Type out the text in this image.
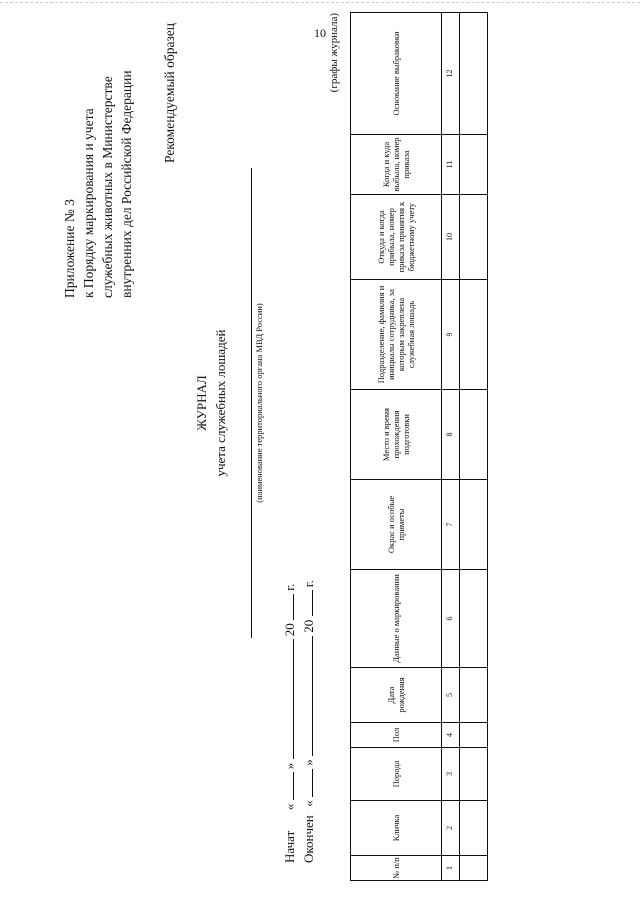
10
Приложение № 3 к Порядку маркирования и учета служебных животных в Министерстве внутренних дел Российской Федерации Рекомендуемый образец
ЖУРНАЛ учета служебных лошадей	(наименование территориального органа МВД России)
Начат  «  »  20  г.
Окончен  «  »  20  г.
(графы журнала)
№ п/п	Кличка	Порода	Пол	Дата рождения	Данные о маркировании	Окрас и особые приметы	Место и время прохождения подготовки	Подразделение, фамилия и инициалы сотрудника, за которым закреплена служебная лошадь	Откуда и когда прибыла, номер приказа принятия к бюджетному учету	Когда и куда выбыла, номер приказа	Основание выбраковки
1	2	3	4	5	6	7	8	9	10	11	12
